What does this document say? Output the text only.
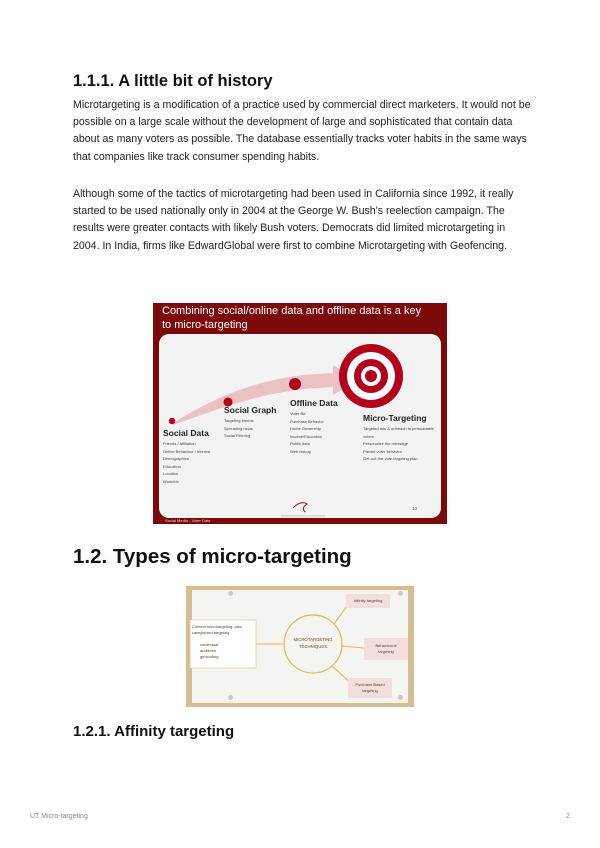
1.1.1. A little bit of history

Microtargeting is a modification of a practice used by commercial direct marketers. It would not be possible on a large scale without the development of large and sophisticated that contain data about as many voters as possible. The database essentially tracks voter habits in the same ways that companies like track consumer spending habits.

Although some of the tactics of microtargeting had been used in California since 1992, it really started to be used nationally only in 2004 at the George W. Bush's reelection campaign. The results were greater contacts with likely Bush voters. Democrats did limited microtargeting in 2004. In India, firms like EdwardGlobal were first to combine Microtargeting with Geofencing.

Combining social/online data and offline data is a key to micro-targeting
Social Data
Friends / Affiliation
Online Behaviour / Interest
Demographics
Education
Location
Work/etc
Social Graph
Targeting friends
Spreading news
Social Filtering
Offline Data
Voter file
Purchase Behavior
Home Ownership
Income/Education
Public data
Web history
Micro-Targeting
Targeted ads & outreach to persuadable voters
Personalize the message
Predict voter behavior
Get-out-the-vote targeting plan
10
Social Media - Voter Data
1.2. Types of micro-targeting
Context microtargeting, also categorized targeting
contextual
audience
geocoding
MICROTARGETING TECHNIQUES
Affinity targeting
Behavioural targeting
Purchase Based targeting
1.2.1. Affinity targeting
UT Micro-targeting	2
